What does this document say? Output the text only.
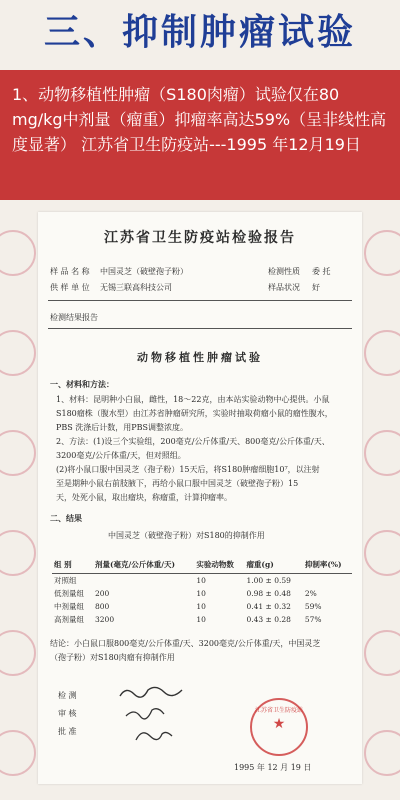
三、抑制肿瘤试验

1、动物移植性肿瘤（S180肉瘤）试验仅在80 mg/kg中剂量（瘤重）抑瘤率高达59%（呈非线性高度显著） 江苏省卫生防疫站---1995 年12月19日

江苏省卫生防疫站检验报告
样 品 名 称 中国灵芝（破壁孢子粉）
供 样 单 位 无锡三联高科技公司
检测性质 委 托
样品状况 好
检测结果报告
动物移植性肿瘤试验
一、材料和方法：
1、材料：昆明种小白鼠，雌性，18～22克，由本站实验动物中心提供。小鼠
S180瘤株（腹水型）由江苏省肿瘤研究所，实验时抽取荷瘤小鼠的瘤性腹水，
PBS 洗涤后计数，用PBS调整浓度。
2、方法：(1)设三个实验组，200毫克/公斤体重/天、800毫克/公斤体重/天、
3200毫克/公斤体重/天，但对照组。
(2)将小鼠口服中国灵芝（孢子粉）15天后，将S180肿瘤细胞10⁷，以注射
至是期种小鼠右前肢腋下，再给小鼠口服中国灵芝（破壁孢子粉）15
天，处死小鼠，取出瘤块，称瘤重，计算抑瘤率。
二、结果
中国灵芝（破壁孢子粉）对S180的抑制作用
组 别	剂量(毫克/公斤体重/天)	实验动物数	瘤重(g)	抑制率(%)
对照组		10	1.00 ± 0.59	
低剂量组	200	10	0.98 ± 0.48	2%
中剂量组	800	10	0.41 ± 0.32	59%
高剂量组	3200	10	0.43 ± 0.28	57%
结论：小白鼠口服800毫克/公斤体重/天、3200毫克/公斤体重/天，中国灵芝
（孢子粉）对S180肉瘤有抑制作用
检 测
审 核
批 准
江苏省卫生防疫站
★
1995 年 12 月 19 日
